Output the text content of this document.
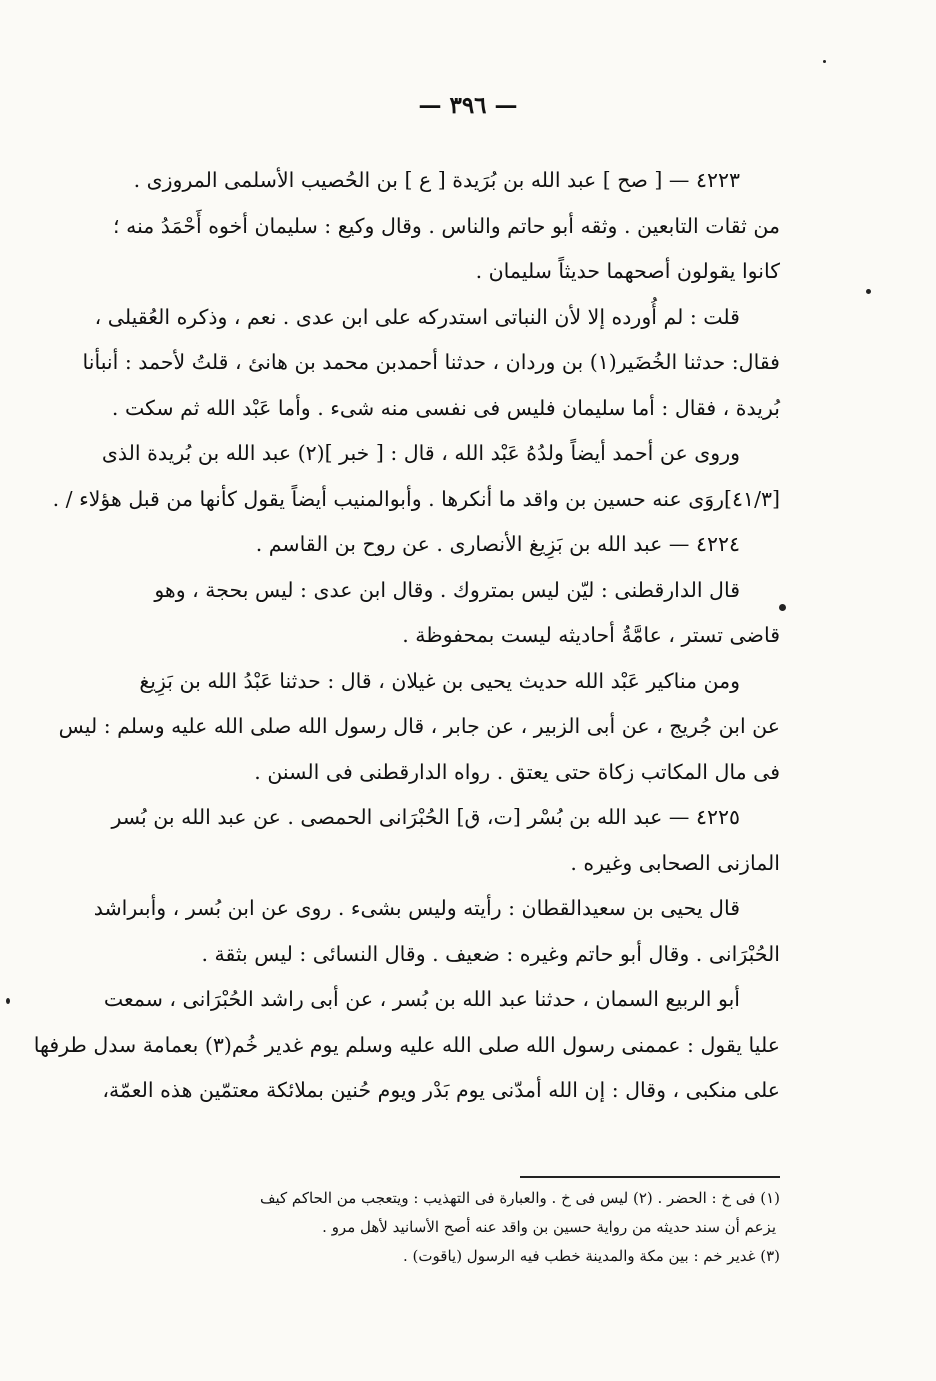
— ٣٩٦ —
٤٢٢٣ — [ صح ] عبد الله بن بُرَيدة [ ع ] بن الحُصيب الأسلمى المروزى .
من ثقات التابعين . وثقه أبو حاتم والناس . وقال وكيع : سليمان أخوه أَحْمَدُ منه ؛
كانوا يقولون أصحهما حديثاً سليمان .
قلت : لم أُورده إلا لأن النباتى استدركه على ابن عدى . نعم ، وذكره العُقيلى ،
فقال: حدثنا الخُضَير(١) بن وردان ، حدثنا أحمدبن محمد بن هانئ ، قلتُ لأحمد : أنبأنا
بُريدة ، فقال : أما سليمان فليس فى نفسى منه شىء . وأما عَبْد الله ثم سكت .
وروى عن أحمد أيضاً ولدُهُ عَبْد الله ، قال : [ خبر ](٢) عبد الله بن بُريدة الذى
[٤١/٣]روَى عنه حسين بن واقد ما أنكرها . وأبوالمنيب أيضاً يقول كأنها من قبل هؤلاء / .
٤٢٢٤ — عبد الله بن بَزِيغ الأنصارى . عن روح بن القاسم .
قال الدارقطنى : ليّن ليس بمتروك . وقال ابن عدى : ليس بحجة ، وهو
قاضى تستر ، عامَّةُ أحاديثه ليست بمحفوظة .
ومن مناكير عَبْد الله حديث يحيى بن غيلان ، قال : حدثنا عَبْدُ الله بن بَزِيغ
عن ابن جُريج ، عن أبى الزبير ، عن جابر ، قال رسول الله صلى الله عليه وسلم : ليس
فى مال المكاتب زكاة حتى يعتق . رواه الدارقطنى فى السنن .
٤٢٢٥ — عبد الله بن بُسْر [ت، ق] الحُبْرَانى الحمصى . عن عبد الله بن بُسر
المازنى الصحابى وغيره .
قال يحيى بن سعيدالقطان : رأيته وليس بشىء . روى عن ابن بُسر ، وأبىراشد
الحُبْرَانى . وقال أبو حاتم وغيره : ضعيف . وقال النسائى : ليس بثقة .
أبو الربيع السمان ، حدثنا عبد الله بن بُسر ، عن أبى راشد الحُبْرَانى ، سمعت
عليا يقول : عممنى رسول الله صلى الله عليه وسلم يوم غدير خُم(٣) بعمامة سدل طرفها
على منكبى ، وقال : إن الله أمدّنى يوم بَدْر ويوم حُنين بملائكة معتمّين هذه العمّة،
(١) فى خ : الحضر . (٢) ليس فى خ . والعبارة فى التهذيب : ويتعجب من الحاكم كيف
يزعم أن سند حديثه من رواية حسين بن واقد عنه أصح الأسانيد لأهل مرو .
(٣) غدير خم : بين مكة والمدينة خطب فيه الرسول (ياقوت) .
